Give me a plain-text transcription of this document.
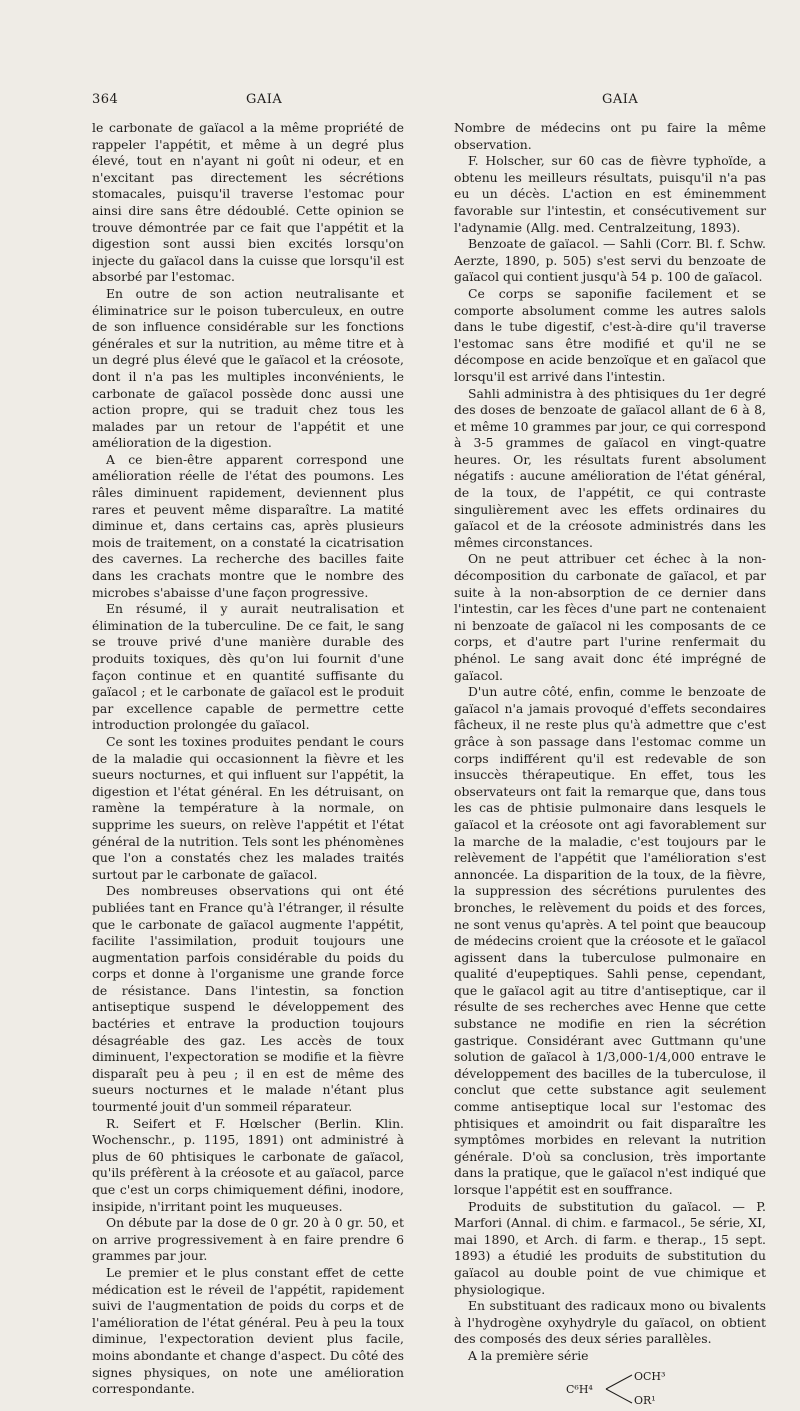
364	GAIA	GAIA

le carbonate de gaïacol a la même propriété de rappeler l'appétit, et même à un degré plus élevé, tout en n'ayant ni goût ni odeur, et en n'excitant pas directement les sécrétions stomacales, puisqu'il traverse l'estomac pour ainsi dire sans être dédoublé. Cette opinion se trouve démontrée par ce fait que l'appétit et la digestion sont aussi bien excités lorsqu'on injecte du gaïacol dans la cuisse que lorsqu'il est absorbé par l'estomac.

En outre de son action neutralisante et éliminatrice sur le poison tuberculeux, en outre de son influence considérable sur les fonctions générales et sur la nutrition, au même titre et à un degré plus élevé que le gaïacol et la créosote, dont il n'a pas les multiples inconvénients, le carbonate de gaïacol possède donc aussi une action propre, qui se traduit chez tous les malades par un retour de l'appétit et une amélioration de la digestion.

A ce bien-être apparent correspond une amélioration réelle de l'état des poumons. Les râles diminuent rapidement, deviennent plus rares et peuvent même disparaître. La matité diminue et, dans certains cas, après plusieurs mois de traitement, on a constaté la cicatrisation des cavernes. La recherche des bacilles faite dans les crachats montre que le nombre des microbes s'abaisse d'une façon progressive.

En résumé, il y aurait neutralisation et élimination de la tuberculine. De ce fait, le sang se trouve privé d'une manière durable des produits toxiques, dès qu'on lui fournit d'une façon continue et en quantité suffisante du gaïacol ; et le carbonate de gaïacol est le produit par excellence capable de permettre cette introduction prolongée du gaïacol.

Ce sont les toxines produites pendant le cours de la maladie qui occasionnent la fièvre et les sueurs nocturnes, et qui influent sur l'appétit, la digestion et l'état général. En les détruisant, on ramène la température à la normale, on supprime les sueurs, on relève l'appétit et l'état général de la nutrition. Tels sont les phénomènes que l'on a constatés chez les malades traités surtout par le carbonate de gaïacol.

Des nombreuses observations qui ont été publiées tant en France qu'à l'étranger, il résulte que le carbonate de gaïacol augmente l'appétit, facilite l'assimilation, produit toujours une augmentation parfois considérable du poids du corps et donne à l'organisme une grande force de résistance. Dans l'intestin, sa fonction antiseptique suspend le développement des bactéries et entrave la production toujours désagréable des gaz. Les accès de toux diminuent, l'expectoration se modifie et la fièvre disparaît peu à peu ; il en est de même des sueurs nocturnes et le malade n'étant plus tourmenté jouit d'un sommeil réparateur.

R. Seifert et F. Hœlscher (Berlin. Klin. Wochenschr., p. 1195, 1891) ont administré à plus de 60 phtisiques le carbonate de gaïacol, qu'ils préfèrent à la créosote et au gaïacol, parce que c'est un corps chimiquement défini, inodore, insipide, n'irritant point les muqueuses.

On débute par la dose de 0 gr. 20 à 0 gr. 50, et on arrive progressivement à en faire prendre 6 grammes par jour.

Le premier et le plus constant effet de cette médication est le réveil de l'appétit, rapidement suivi de l'augmentation de poids du corps et de l'amélioration de l'état général. Peu à peu la toux diminue, l'expectoration devient plus facile, moins abondante et change d'aspect. Du côté des signes physiques, on note une amélioration correspondante.

Nombre de médecins ont pu faire la même observation.

F. Holscher, sur 60 cas de fièvre typhoïde, a obtenu les meilleurs résultats, puisqu'il n'a pas eu un décès. L'action en est éminemment favorable sur l'intestin, et consécutivement sur l'adynamie (Allg. med. Centralzeitung, 1893).

Benzoate de gaïacol. — Sahli (Corr. Bl. f. Schw. Aerzte, 1890, p. 505) s'est servi du benzoate de gaïacol qui contient jusqu'à 54 p. 100 de gaïacol.

Ce corps se saponifie facilement et se comporte absolument comme les autres salols dans le tube digestif, c'est-à-dire qu'il traverse l'estomac sans être modifié et qu'il ne se décompose en acide benzoïque et en gaïacol que lorsqu'il est arrivé dans l'intestin.

Sahli administra à des phtisiques du 1er degré des doses de benzoate de gaïacol allant de 6 à 8, et même 10 grammes par jour, ce qui correspond à 3-5 grammes de gaïacol en vingt-quatre heures. Or, les résultats furent absolument négatifs : aucune amélioration de l'état général, de la toux, de l'appétit, ce qui contraste singulièrement avec les effets ordinaires du gaïacol et de la créosote administrés dans les mêmes circonstances.

On ne peut attribuer cet échec à la non-décomposition du carbonate de gaïacol, et par suite à la non-absorption de ce dernier dans l'intestin, car les fèces d'une part ne contenaient ni benzoate de gaïacol ni les composants de ce corps, et d'autre part l'urine renfermait du phénol. Le sang avait donc été imprégné de gaïacol.

D'un autre côté, enfin, comme le benzoate de gaïacol n'a jamais provoqué d'effets secondaires fâcheux, il ne reste plus qu'à admettre que c'est grâce à son passage dans l'estomac comme un corps indifférent qu'il est redevable de son insuccès thérapeutique. En effet, tous les observateurs ont fait la remarque que, dans tous les cas de phtisie pulmonaire dans lesquels le gaïacol et la créosote ont agi favorablement sur la marche de la maladie, c'est toujours par le relèvement de l'appétit que l'amélioration s'est annoncée. La disparition de la toux, de la fièvre, la suppression des sécrétions purulentes des bronches, le relèvement du poids et des forces, ne sont venus qu'après. A tel point que beaucoup de médecins croient que la créosote et le gaïacol agissent dans la tuberculose pulmonaire en qualité d'eupeptiques. Sahli pense, cependant, que le gaïacol agit au titre d'antiseptique, car il résulte de ses recherches avec Henne que cette substance ne modifie en rien la sécrétion gastrique. Considérant avec Guttmann qu'une solution de gaïacol à 1/3,000-1/4,000 entrave le développement des bacilles de la tuberculose, il conclut que cette substance agit seulement comme antiseptique local sur l'estomac des phtisiques et amoindrit ou fait disparaître les symptômes morbides en relevant la nutrition générale. D'où sa conclusion, très importante dans la pratique, que le gaïacol n'est indiqué que lorsque l'appétit est en souffrance.

Produits de substitution du gaïacol. — P. Marfori (Annal. di chim. e farmacol., 5e série, XI, mai 1890, et Arch. di farm. e therap., 15 sept. 1893) a étudié les produits de substitution du gaïacol au double point de vue chimique et physiologique.

En substituant des radicaux mono ou bivalents à l'hydrogène oxyhydryle du gaïacol, on obtient des composés des deux séries parallèles.

A la première série

C⁶H⁴
OCH³
OR¹
